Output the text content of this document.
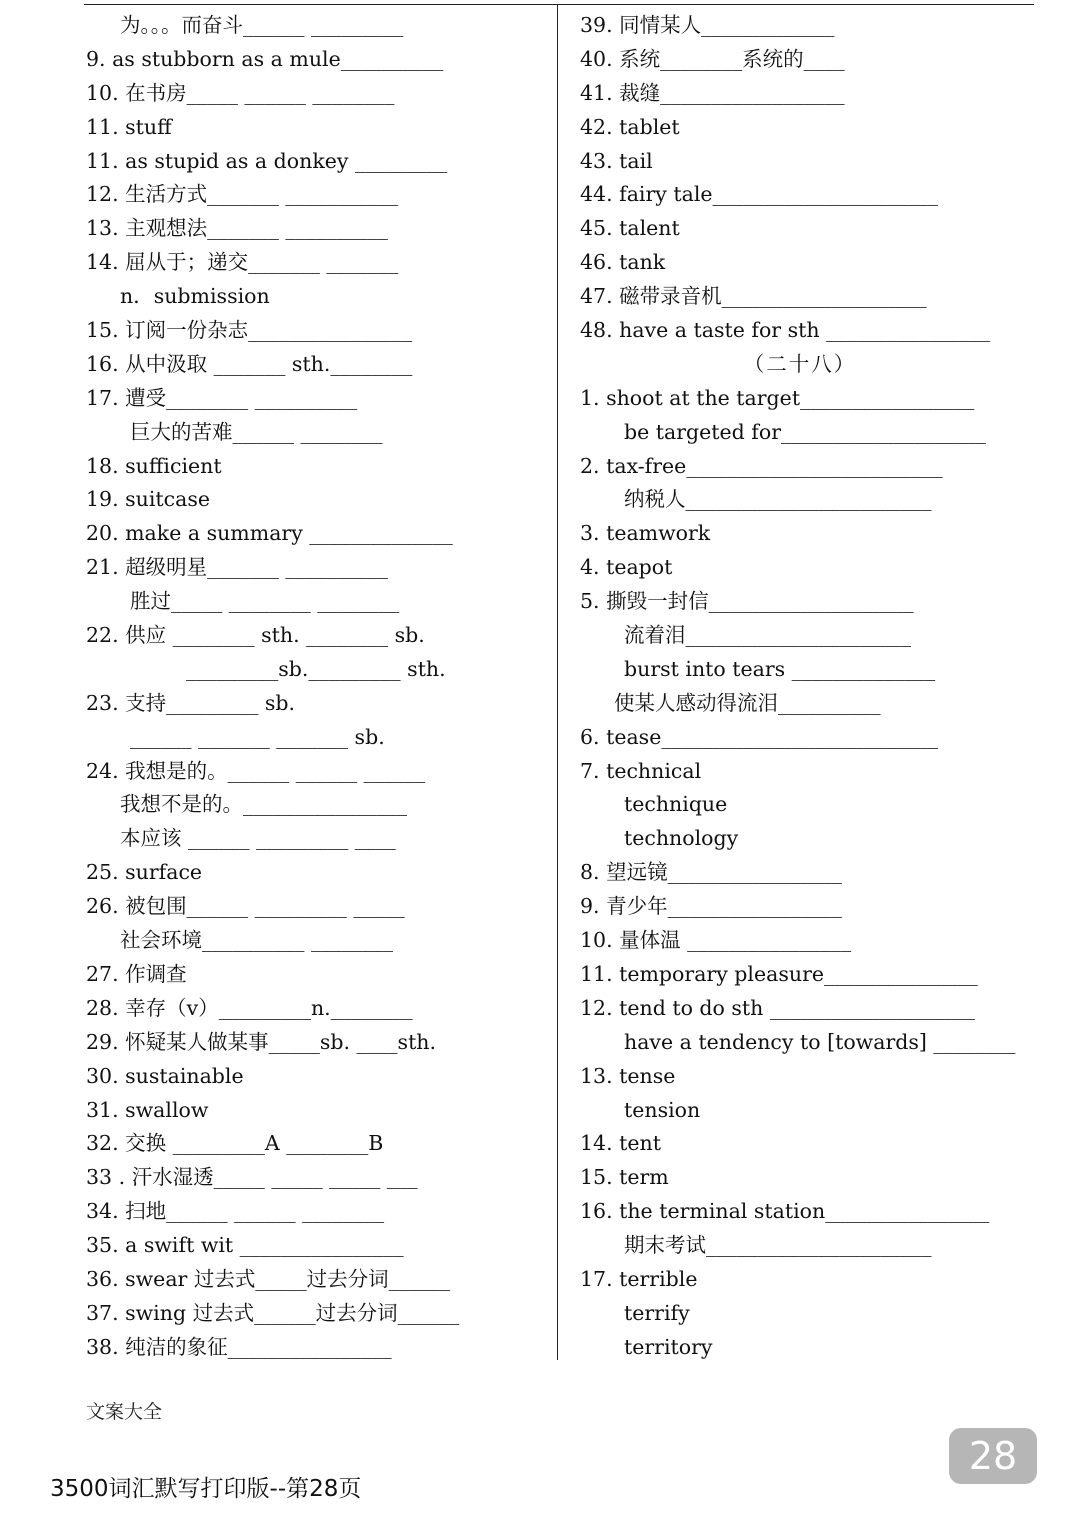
为。。。而奋斗______ _________
9. as stubborn as a mule__________
10. 在书房_____ ______ ________
11. stuff
11. as stupid as a donkey _________
12. 生活方式_______ ___________
13. 主观想法_______ __________
14. 屈从于；递交_______ _______
n．submission
15. 订阅一份杂志________________
16. 从中汲取 _______ sth.________
17. 遭受________ __________
巨大的苦难______ ________
18. sufficient
19. suitcase
20. make a summary ______________
21. 超级明星_______ __________
胜过_____ ________ ________
22. 供应 ________ sth. ________ sb.
_________sb._________ sth.
23. 支持_________ sb.
______ _______ _______ sb.
24. 我想是的。______ ______ ______
我想不是的。________________
本应该 ______ _________ ____
25. surface
26. 被包围______ _________ _____
社会环境__________ ________
27. 作调查
28. 幸存（v）_________n.________
29. 怀疑某人做某事_____sb. ____sth.
30. sustainable
31. swallow
32. 交换 _________A ________B
33 . 汗水湿透_____ _____ _____ ___
34. 扫地______ ______ ________
35. a swift wit ________________
36. swear 过去式_____过去分词______
37. swing 过去式______过去分词______
38. 纯洁的象征________________
39. 同情某人_____________
40. 系统________系统的____
41. 裁缝__________________
42. tablet
43. tail
44. fairy tale______________________
45. talent
46. tank
47. 磁带录音机____________________
48. have a taste for sth ________________
（二十八）
1. shoot at the target_________________
be targeted for____________________
2. tax-free_________________________
纳税人________________________
3. teamwork
4. teapot
5. 撕毁一封信____________________
流着泪______________________
burst into tears ______________
使某人感动得流泪__________
6. tease___________________________
7. technical
technique
technology
8. 望远镜_________________
9. 青少年_________________
10. 量体温 ________________
11. temporary pleasure_______________
12. tend to do sth ____________________
have a tendency to [towards] ________
13. tense
tension
14. tent
15. term
16. the terminal station________________
期末考试______________________
17. terrible
terrify
territory
文案大全
3500词汇默写打印版--第28页
28
